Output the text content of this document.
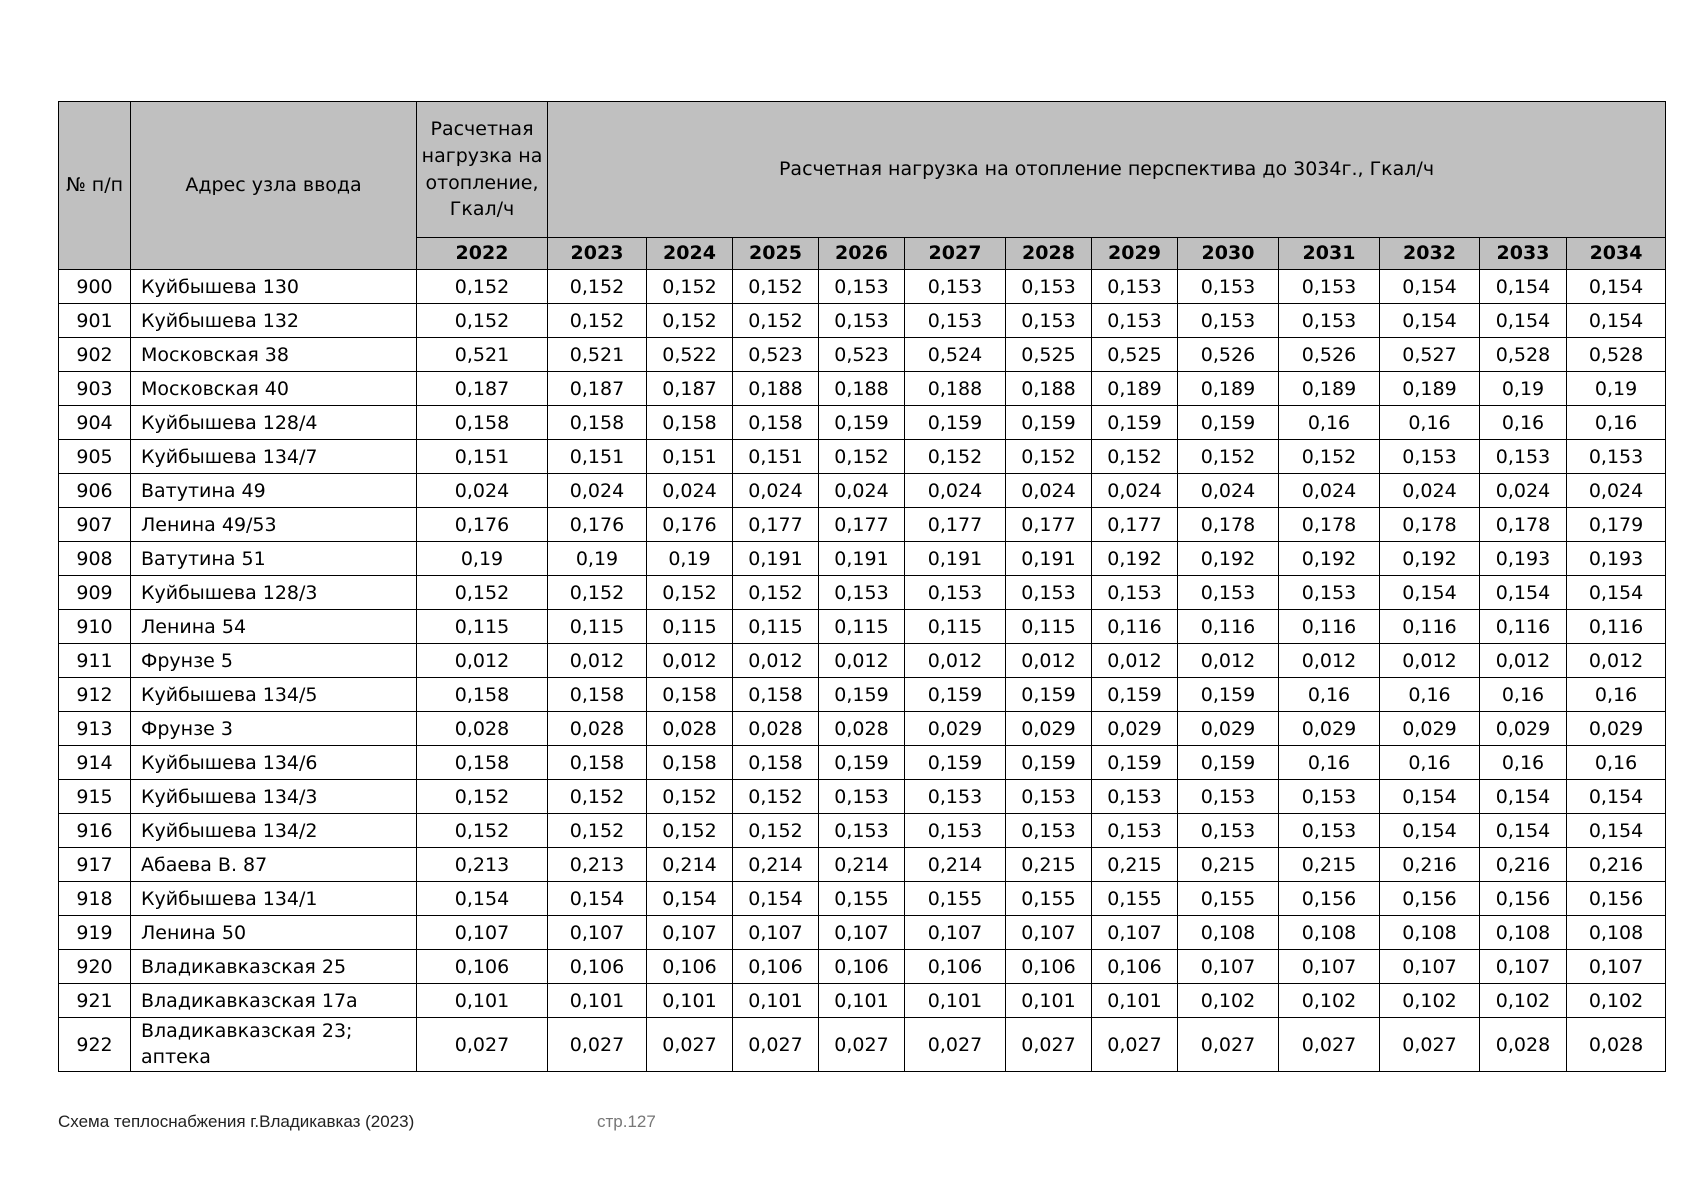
№ п/п	Адрес узла ввода	Расчетная нагрузка на отопление, Гкал/ч	Расчетная нагрузка на отопление перспектива до 3034г., Гкал/ч											
		2022	2023	2024	2025	2026	2027	2028	2029	2030	2031	2032	2033	2034
900	Куйбышева 130	0,152	0,152	0,152	0,152	0,153	0,153	0,153	0,153	0,153	0,153	0,154	0,154	0,154
901	Куйбышева 132	0,152	0,152	0,152	0,152	0,153	0,153	0,153	0,153	0,153	0,153	0,154	0,154	0,154
902	Московская 38	0,521	0,521	0,522	0,523	0,523	0,524	0,525	0,525	0,526	0,526	0,527	0,528	0,528
903	Московская 40	0,187	0,187	0,187	0,188	0,188	0,188	0,188	0,189	0,189	0,189	0,189	0,19	0,19
904	Куйбышева 128/4	0,158	0,158	0,158	0,158	0,159	0,159	0,159	0,159	0,159	0,16	0,16	0,16	0,16
905	Куйбышева 134/7	0,151	0,151	0,151	0,151	0,152	0,152	0,152	0,152	0,152	0,152	0,153	0,153	0,153
906	Ватутина 49	0,024	0,024	0,024	0,024	0,024	0,024	0,024	0,024	0,024	0,024	0,024	0,024	0,024
907	Ленина 49/53	0,176	0,176	0,176	0,177	0,177	0,177	0,177	0,177	0,178	0,178	0,178	0,178	0,179
908	Ватутина 51	0,19	0,19	0,19	0,191	0,191	0,191	0,191	0,192	0,192	0,192	0,192	0,193	0,193
909	Куйбышева 128/3	0,152	0,152	0,152	0,152	0,153	0,153	0,153	0,153	0,153	0,153	0,154	0,154	0,154
910	Ленина 54	0,115	0,115	0,115	0,115	0,115	0,115	0,115	0,116	0,116	0,116	0,116	0,116	0,116
911	Фрунзе 5	0,012	0,012	0,012	0,012	0,012	0,012	0,012	0,012	0,012	0,012	0,012	0,012	0,012
912	Куйбышева 134/5	0,158	0,158	0,158	0,158	0,159	0,159	0,159	0,159	0,159	0,16	0,16	0,16	0,16
913	Фрунзе 3	0,028	0,028	0,028	0,028	0,028	0,029	0,029	0,029	0,029	0,029	0,029	0,029	0,029
914	Куйбышева 134/6	0,158	0,158	0,158	0,158	0,159	0,159	0,159	0,159	0,159	0,16	0,16	0,16	0,16
915	Куйбышева 134/3	0,152	0,152	0,152	0,152	0,153	0,153	0,153	0,153	0,153	0,153	0,154	0,154	0,154
916	Куйбышева 134/2	0,152	0,152	0,152	0,152	0,153	0,153	0,153	0,153	0,153	0,153	0,154	0,154	0,154
917	Абаева В. 87	0,213	0,213	0,214	0,214	0,214	0,214	0,215	0,215	0,215	0,215	0,216	0,216	0,216
918	Куйбышева 134/1	0,154	0,154	0,154	0,154	0,155	0,155	0,155	0,155	0,155	0,156	0,156	0,156	0,156
919	Ленина 50	0,107	0,107	0,107	0,107	0,107	0,107	0,107	0,107	0,108	0,108	0,108	0,108	0,108
920	Владикавказская 25	0,106	0,106	0,106	0,106	0,106	0,106	0,106	0,106	0,107	0,107	0,107	0,107	0,107
921	Владикавказская 17а	0,101	0,101	0,101	0,101	0,101	0,101	0,101	0,101	0,102	0,102	0,102	0,102	0,102
922	Владикавказская 23; аптека	0,027	0,027	0,027	0,027	0,027	0,027	0,027	0,027	0,027	0,027	0,027	0,028	0,028
Схема теплоснабжения г.Владикавказ (2023)	стр.127
